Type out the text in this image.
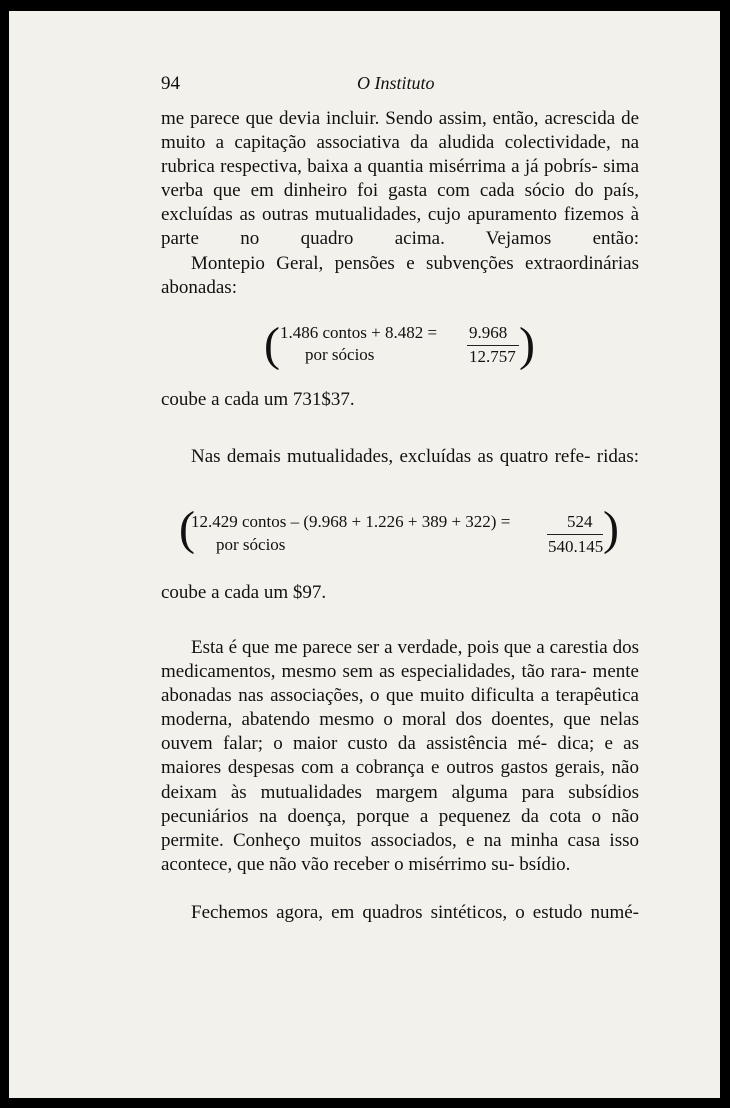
94	O Instituto
me parece que devia incluir. Sendo assim, então, acrescida de muito a capitação associativa da aludida colectividade, na rubrica respectiva, baixa a quantia misérrima a já pobrís- sima verba que em dinheiro foi gasta com cada sócio do país, excluídas as outras mutualidades, cujo apuramento fizemos à parte no quadro acima. Vejamos então:
Montepio Geral, pensões e subvenções extraordinárias abonadas:
( 1.486 contos + 8.482 = 9.968
por sócios	12.757 )
coube a cada um 731$37.
Nas demais mutualidades, excluídas as quatro refe- ridas:
(
12.429 contos – (9.968 + 1.226 + 389 + 322) =	524
por sócios	540.145 )
coube a cada um $97.
Esta é que me parece ser a verdade, pois que a carestia dos medicamentos, mesmo sem as especialidades, tão rara- mente abonadas nas associações, o que muito dificulta a terapêutica moderna, abatendo mesmo o moral dos doentes, que nelas ouvem falar; o maior custo da assistência mé- dica; e as maiores despesas com a cobrança e outros gastos gerais, não deixam às mutualidades margem alguma para subsídios pecuniários na doença, porque a pequenez da cota o não permite. Conheço muitos associados, e na minha casa isso acontece, que não vão receber o misérrimo su- bsídio.
Fechemos agora, em quadros sintéticos, o estudo numé-
